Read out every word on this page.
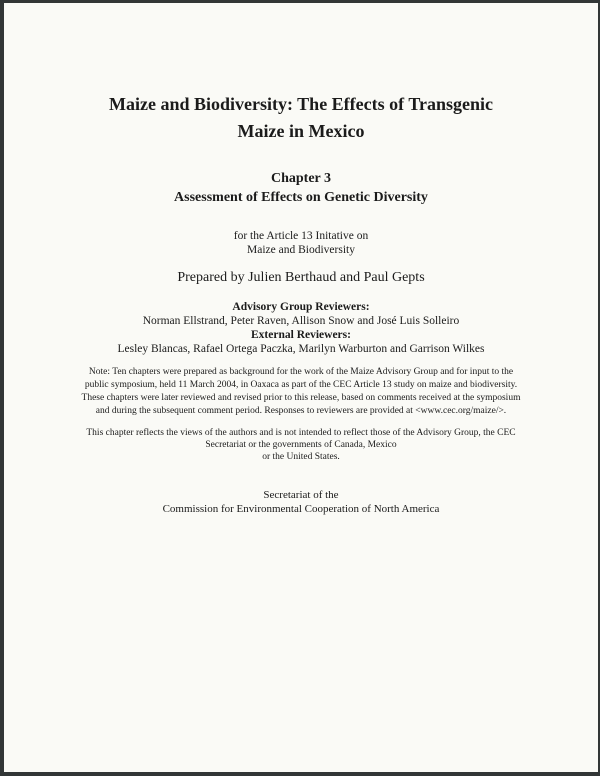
Maize and Biodiversity: The Effects of Transgenic
Maize in Mexico
Chapter 3
Assessment of Effects on Genetic Diversity
for the Article 13 Initative on
Maize and Biodiversity
Prepared by Julien Berthaud and Paul Gepts
Advisory Group Reviewers:
Norman Ellstrand, Peter Raven, Allison Snow and José Luis Solleiro
External Reviewers:
Lesley Blancas, Rafael Ortega Paczka, Marilyn Warburton and Garrison Wilkes
Note: Ten chapters were prepared as background for the work of the Maize Advisory Group and for input to the
public symposium, held 11 March 2004, in Oaxaca as part of the CEC Article 13 study on maize and biodiversity.
These chapters were later reviewed and revised prior to this release, based on comments received at the symposium
and during the subsequent comment period. Responses to reviewers are provided at <www.cec.org/maize/>.
This chapter reflects the views of the authors and is not intended to reflect those of the Advisory Group, the CEC
Secretariat or the governments of Canada, Mexico
or the United States.
Secretariat of the
Commission for Environmental Cooperation of North America
